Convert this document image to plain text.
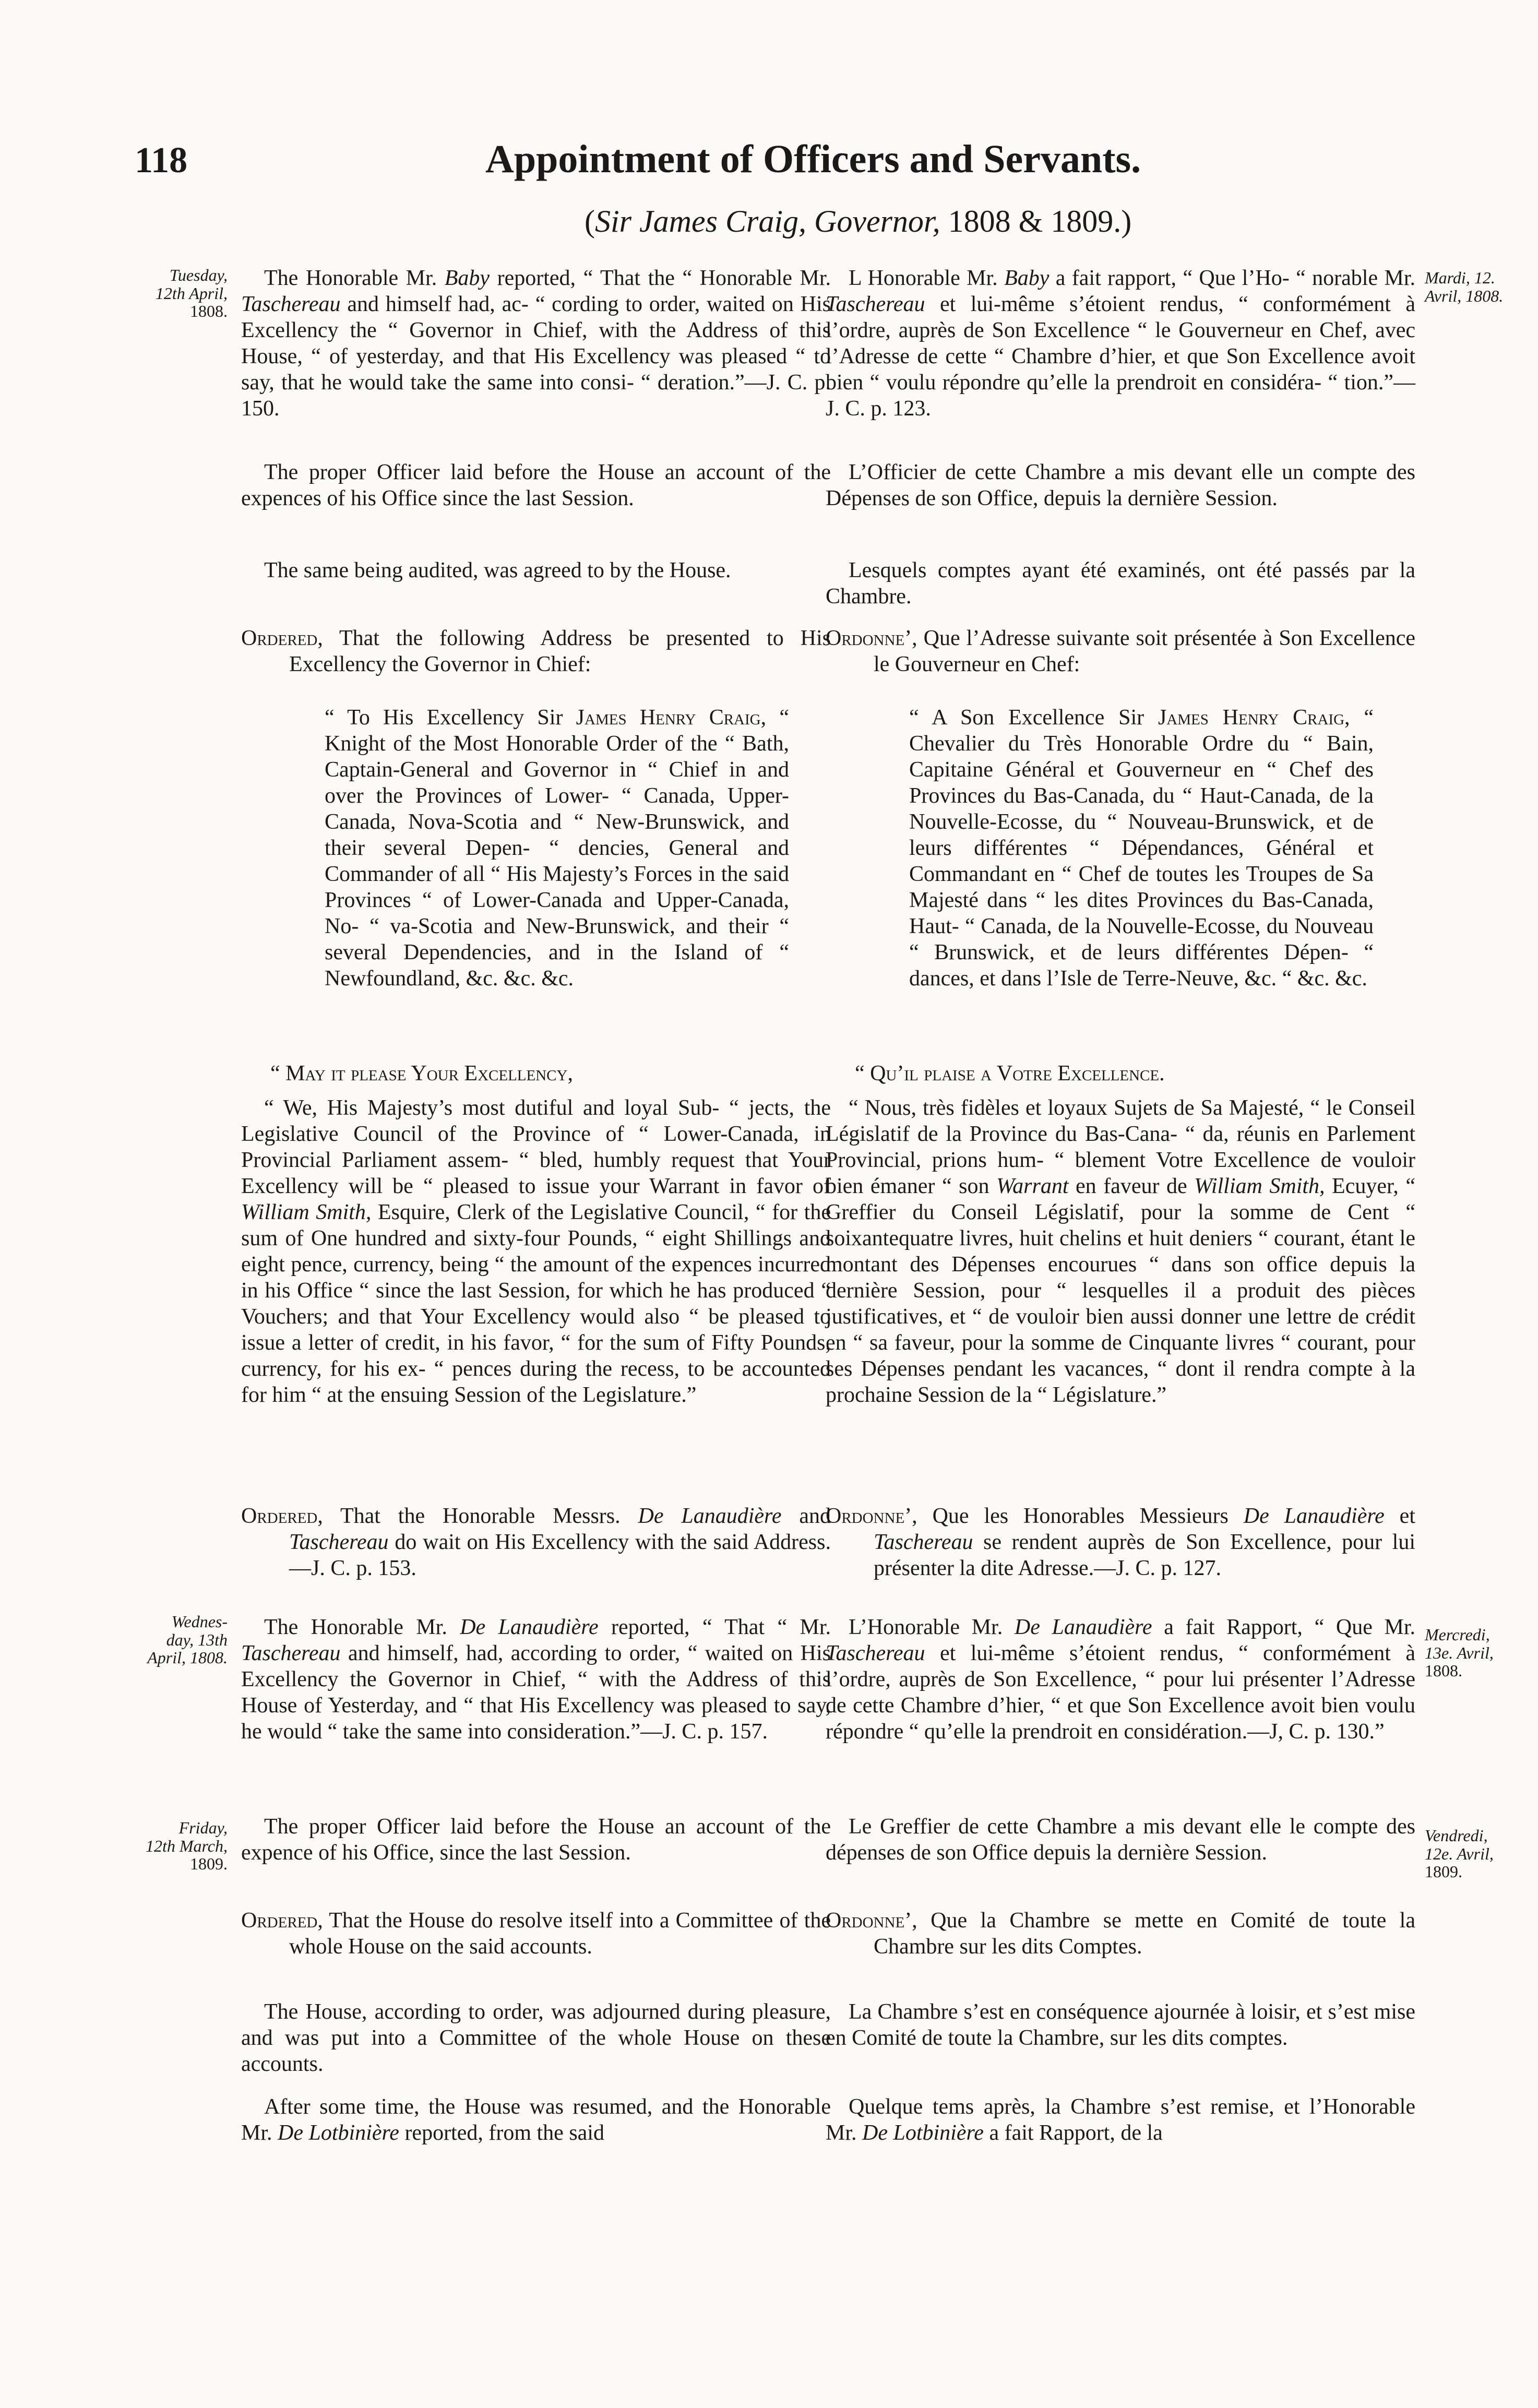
118	Appointment of Officers and Servants.
(Sir James Craig, Governor, 1808 & 1809.)
Tuesday,
12th April,
1808.
Mardi, 12.
Avril, 1808.
Wednes-
day, 13th
April, 1808.
Mercredi,
13e. Avril,
1808.
Friday,
12th March,
1809.
Vendredi,
12e. Avril,
1809.

The Honorable Mr. Baby reported, “ That the “ Honorable Mr. Taschereau and himself had, ac- “ cording to order, waited on His Excellency the “ Governor in Chief, with the Address of this House, “ of yesterday, and that His Excellency was pleased “ to say, that he would take the same into consi- “ deration.”—J. C. p. 150.

The proper Officer laid before the House an account of the expences of his Office since the last Session.

The same being audited, was agreed to by the House.

Ordered, That the following Address be presented to His Excellency the Governor in Chief:

“ To His Excellency Sir James Henry Craig, “ Knight of the Most Honorable Order of the “ Bath, Captain-General and Governor in “ Chief in and over the Provinces of Lower- “ Canada, Upper-Canada, Nova-Scotia and “ New-Brunswick, and their several Depen- “ dencies, General and Commander of all “ His Majesty’s Forces in the said Provinces “ of Lower-Canada and Upper-Canada, No- “ va-Scotia and New-Brunswick, and their “ several Dependencies, and in the Island of “ Newfoundland, &c. &c. &c.

“ May it please Your Excellency,

“ We, His Majesty’s most dutiful and loyal Sub- “ jects, the Legislative Council of the Province of “ Lower-Canada, in Provincial Parliament assem- “ bled, humbly request that Your Excellency will be “ pleased to issue your Warrant in favor of William Smith, Esquire, Clerk of the Legislative Council, “ for the sum of One hundred and sixty-four Pounds, “ eight Shillings and eight pence, currency, being “ the amount of the expences incurred in his Office “ since the last Session, for which he has produced “ Vouchers; and that Your Excellency would also “ be pleased to issue a letter of credit, in his favor, “ for the sum of Fifty Pounds, currency, for his ex- “ pences during the recess, to be accounted for him “ at the ensuing Session of the Legislature.”

Ordered, That the Honorable Messrs. De Lanaudière and Taschereau do wait on His Excellency with the said Address.—J. C. p. 153.

The Honorable Mr. De Lanaudière reported, “ That “ Mr. Taschereau and himself, had, according to order, “ waited on His Excellency the Governor in Chief, “ with the Address of this House of Yesterday, and “ that His Excellency was pleased to say, he would “ take the same into consideration.”—J. C. p. 157.

The proper Officer laid before the House an account of the expence of his Office, since the last Session.

Ordered, That the House do resolve itself into a Committee of the whole House on the said accounts.

The House, according to order, was adjourned during pleasure, and was put into a Committee of the whole House on these accounts.

After some time, the House was resumed, and the Honorable Mr. De Lotbinière reported, from the said

L Honorable Mr. Baby a fait rapport, “ Que l’Ho- “ norable Mr. Taschereau et lui-même s’étoient rendus, “ conformément à l’ordre, auprès de Son Excellence “ le Gouverneur en Chef, avec l’Adresse de cette “ Chambre d’hier, et que Son Excellence avoit bien “ voulu répondre qu’elle la prendroit en considéra- “ tion.”—J. C. p. 123.

L’Officier de cette Chambre a mis devant elle un compte des Dépenses de son Office, depuis la dernière Session.

Lesquels comptes ayant été examinés, ont été passés par la Chambre.

Ordonne’, Que l’Adresse suivante soit présentée à Son Excellence le Gouverneur en Chef:

“ A Son Excellence Sir James Henry Craig, “ Chevalier du Très Honorable Ordre du “ Bain, Capitaine Général et Gouverneur en “ Chef des Provinces du Bas-Canada, du “ Haut-Canada, de la Nouvelle-Ecosse, du “ Nouveau-Brunswick, et de leurs différentes “ Dépendances, Général et Commandant en “ Chef de toutes les Troupes de Sa Majesté dans “ les dites Provinces du Bas-Canada, Haut- “ Canada, de la Nouvelle-Ecosse, du Nouveau “ Brunswick, et de leurs différentes Dépen- “ dances, et dans l’Isle de Terre-Neuve, &c. “ &c. &c.

“ Qu’il plaise a Votre Excellence.

“ Nous, très fidèles et loyaux Sujets de Sa Majesté, “ le Conseil Législatif de la Province du Bas-Cana- “ da, réunis en Parlement Provincial, prions hum- “ blement Votre Excellence de vouloir bien émaner “ son Warrant en faveur de William Smith, Ecuyer, “ Greffier du Conseil Législatif, pour la somme de Cent “ soixantequatre livres, huit chelins et huit deniers “ courant, étant le montant des Dépenses encourues “ dans son office depuis la dernière Session, pour “ lesquelles il a produit des pièces justificatives, et “ de vouloir bien aussi donner une lettre de crédit en “ sa faveur, pour la somme de Cinquante livres “ courant, pour ses Dépenses pendant les vacances, “ dont il rendra compte à la prochaine Session de la “ Législature.”

Ordonne’, Que les Honorables Messieurs De Lanaudière et Taschereau se rendent auprès de Son Excellence, pour lui présenter la dite Adresse.—J. C. p. 127.

L’Honorable Mr. De Lanaudière a fait Rapport, “ Que Mr. Taschereau et lui-même s’étoient rendus, “ conformément à l’ordre, auprès de Son Excellence, “ pour lui présenter l’Adresse de cette Chambre d’hier, “ et que Son Excellence avoit bien voulu répondre “ qu’elle la prendroit en considération.—J, C. p. 130.”

Le Greffier de cette Chambre a mis devant elle le compte des dépenses de son Office depuis la dernière Session.

Ordonne’, Que la Chambre se mette en Comité de toute la Chambre sur les dits Comptes.

La Chambre s’est en conséquence ajournée à loisir, et s’est mise en Comité de toute la Chambre, sur les dits comptes.

Quelque tems après, la Chambre s’est remise, et l’Honorable Mr. De Lotbinière a fait Rapport, de la
